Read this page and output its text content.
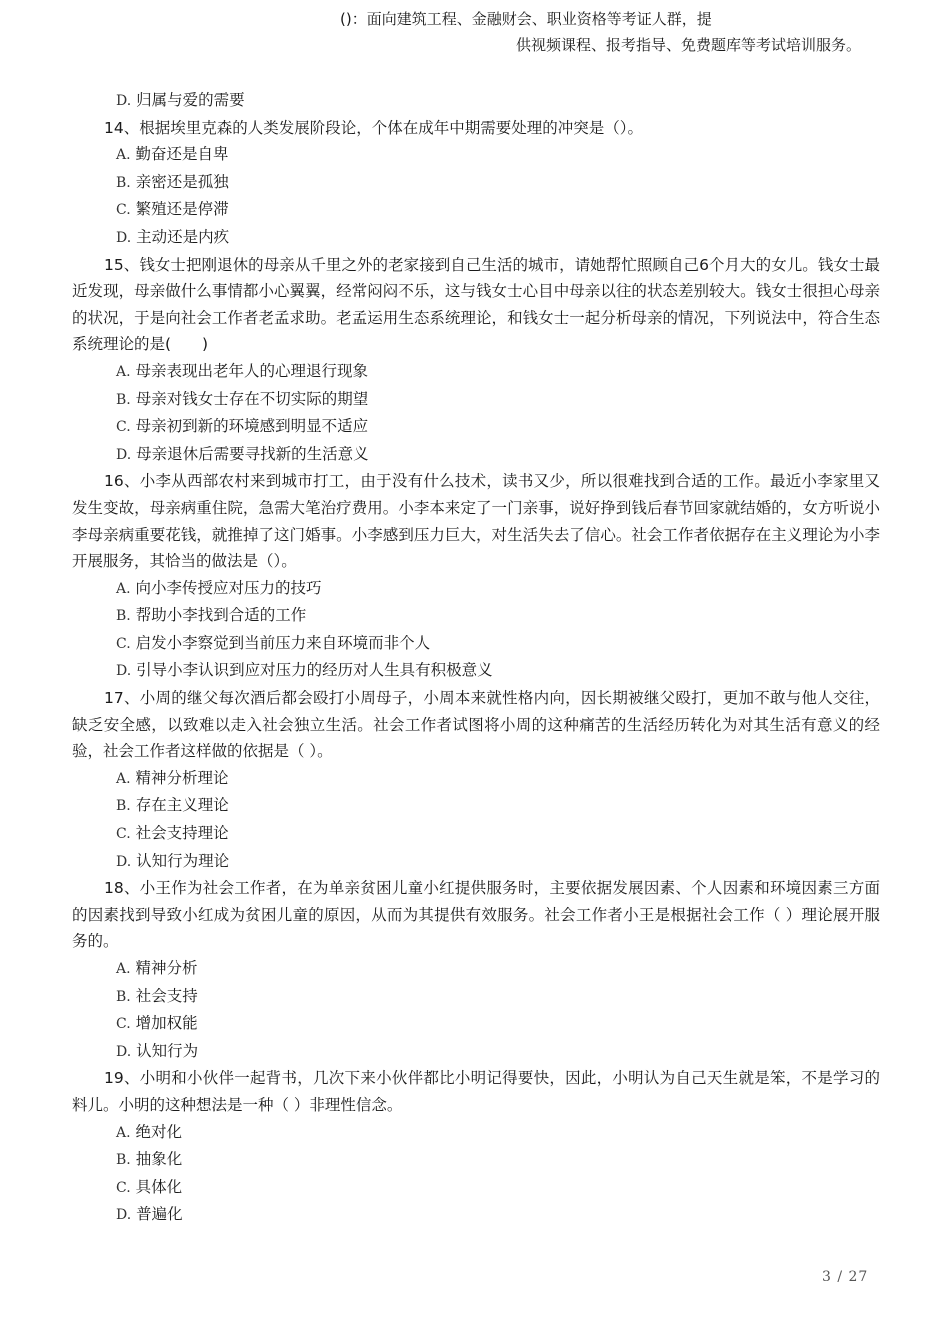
()：面向建筑工程、金融财会、职业资格等考证人群，提
供视频课程、报考指导、免费题库等考试培训服务。
D. 归属与爱的需要
14、根据埃里克森的人类发展阶段论，个体在成年中期需要处理的冲突是（）。
A. 勤奋还是自卑
B. 亲密还是孤独
C. 繁殖还是停滞
D. 主动还是内疚
15、钱女士把刚退休的母亲从千里之外的老家接到自己生活的城市，请她帮忙照顾自己6个月大的女儿。钱女士最近发现，母亲做什么事情都小心翼翼，经常闷闷不乐，这与钱女士心目中母亲以往的状态差别较大。钱女士很担心母亲的状况，于是向社会工作者老孟求助。老孟运用生态系统理论，和钱女士一起分析母亲的情况，下列说法中，符合生态系统理论的是(　　)
A. 母亲表现出老年人的心理退行现象
B. 母亲对钱女士存在不切实际的期望
C. 母亲初到新的环境感到明显不适应
D. 母亲退休后需要寻找新的生活意义
16、小李从西部农村来到城市打工，由于没有什么技术，读书又少，所以很难找到合适的工作。最近小李家里又发生变故，母亲病重住院，急需大笔治疗费用。小李本来定了一门亲事，说好挣到钱后春节回家就结婚的，女方听说小李母亲病重要花钱，就推掉了这门婚事。小李感到压力巨大，对生活失去了信心。社会工作者依据存在主义理论为小李开展服务，其恰当的做法是（）。
A. 向小李传授应对压力的技巧
B. 帮助小李找到合适的工作
C. 启发小李察觉到当前压力来自环境而非个人
D. 引导小李认识到应对压力的经历对人生具有积极意义
17、小周的继父每次酒后都会殴打小周母子，小周本来就性格内向，因长期被继父殴打，更加不敢与他人交往，缺乏安全感，以致难以走入社会独立生活。社会工作者试图将小周的这种痛苦的生活经历转化为对其生活有意义的经验，社会工作者这样做的依据是（ ）。
A. 精神分析理论
B. 存在主义理论
C. 社会支持理论
D. 认知行为理论
18、小王作为社会工作者，在为单亲贫困儿童小红提供服务时，主要依据发展因素、个人因素和环境因素三方面的因素找到导致小红成为贫困儿童的原因，从而为其提供有效服务。社会工作者小王是根据社会工作（ ）理论展开服务的。
A. 精神分析
B. 社会支持
C. 增加权能
D. 认知行为
19、小明和小伙伴一起背书，几次下来小伙伴都比小明记得要快，因此，小明认为自己天生就是笨，不是学习的料儿。小明的这种想法是一种（ ）非理性信念。
A. 绝对化
B. 抽象化
C. 具体化
D. 普遍化
3 / 27
